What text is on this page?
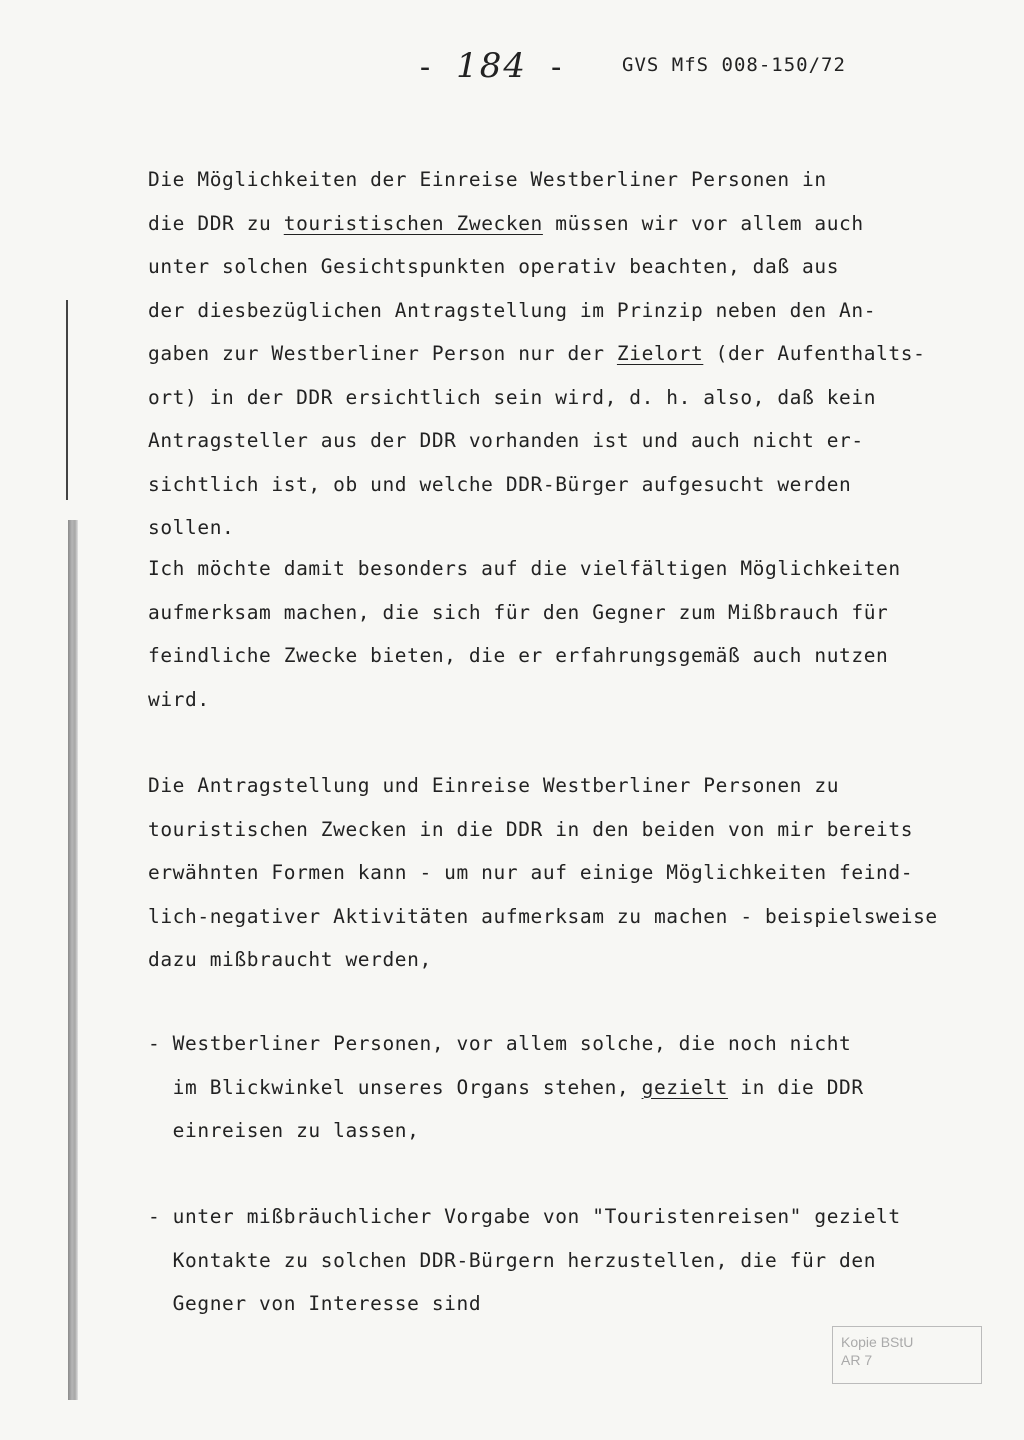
- 184 -	GVS MfS 008-150/72
Die Möglichkeiten der Einreise Westberliner Personen in
die DDR zu touristischen Zwecken müssen wir vor allem auch
unter solchen Gesichtspunkten operativ beachten, daß aus
der diesbezüglichen Antragstellung im Prinzip neben den An-
gaben zur Westberliner Person nur der Zielort (der Aufenthalts-
ort) in der DDR ersichtlich sein wird, d. h. also, daß kein
Antragsteller aus der DDR vorhanden ist und auch nicht er-
sichtlich ist, ob und welche DDR-Bürger aufgesucht werden
sollen.
Ich möchte damit besonders auf die vielfältigen Möglichkeiten
aufmerksam machen, die sich für den Gegner zum Mißbrauch für
feindliche Zwecke bieten, die er erfahrungsgemäß auch nutzen
wird.
Die Antragstellung und Einreise Westberliner Personen zu
touristischen Zwecken in die DDR in den beiden von mir bereits
erwähnten Formen kann - um nur auf einige Möglichkeiten feind-
lich-negativer Aktivitäten aufmerksam zu machen - beispielsweise
dazu mißbraucht werden,
- Westberliner Personen, vor allem solche, die noch nicht
im Blickwinkel unseres Organs stehen, gezielt in die DDR
einreisen zu lassen,
- unter mißbräuchlicher Vorgabe von "Touristenreisen" gezielt
Kontakte zu solchen DDR-Bürgern herzustellen, die für den
Gegner von Interesse sind
Kopie BStU
AR 7
